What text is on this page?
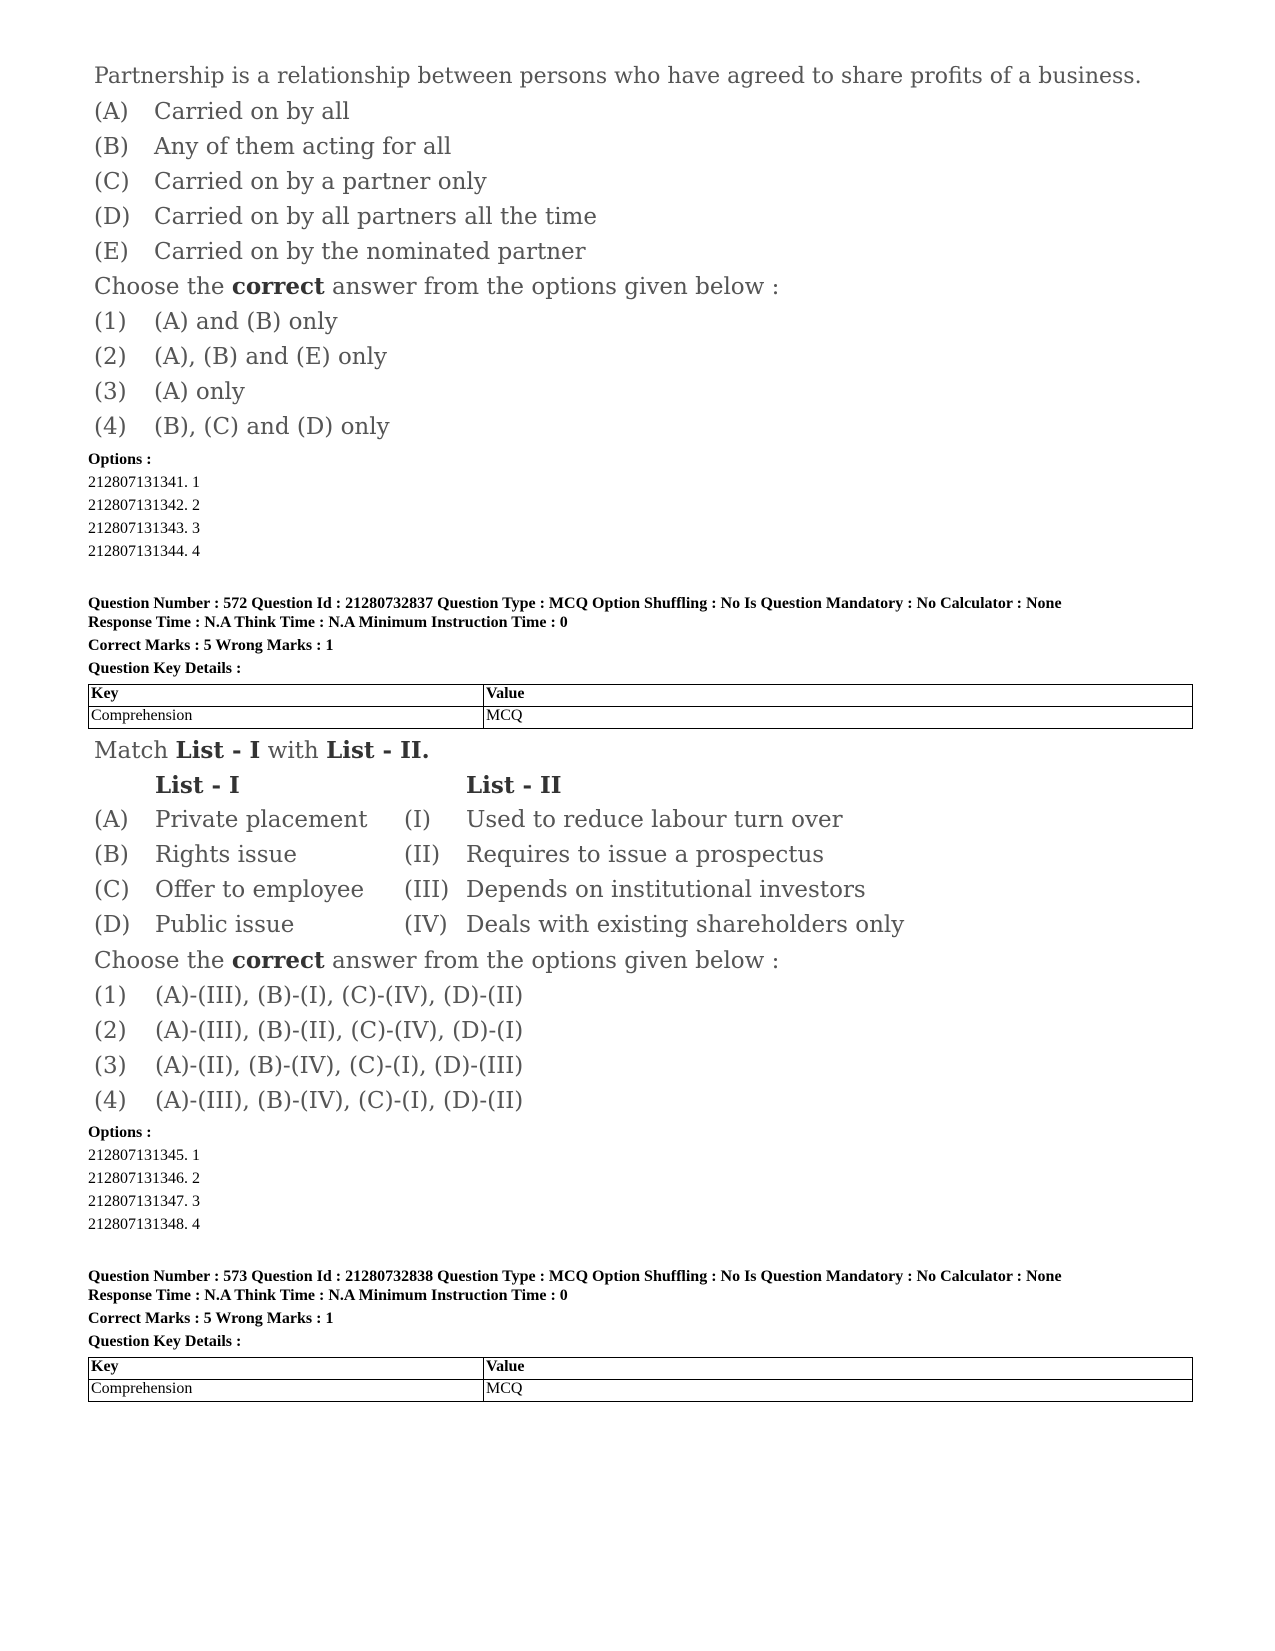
Partnership is a relationship between persons who have agreed to share profits of a business.
(A) Carried on by all
(B) Any of them acting for all
(C) Carried on by a partner only
(D) Carried on by all partners all the time
(E) Carried on by the nominated partner
Choose the correct answer from the options given below :
(1) (A) and (B) only
(2) (A), (B) and (E) only
(3) (A) only
(4) (B), (C) and (D) only
Options :
212807131341. 1
212807131342. 2
212807131343. 3
212807131344. 4
Question Number : 572 Question Id : 21280732837 Question Type : MCQ Option Shuffling : No Is Question Mandatory : No Calculator : None
Response Time : N.A Think Time : N.A Minimum Instruction Time : 0
Correct Marks : 5 Wrong Marks : 1
Question Key Details :
Key	Value
Comprehension	MCQ
Match List - I with List - II.
List - I	List - II
(A) Private placement (I) Used to reduce labour turn over
(B) Rights issue	(II) Requires to issue a prospectus
(C) Offer to employee (III) Depends on institutional investors
(D) Public issue	(IV) Deals with existing shareholders only
Choose the correct answer from the options given below :
(1) (A)-(III), (B)-(I), (C)-(IV), (D)-(II)
(2) (A)-(III), (B)-(II), (C)-(IV), (D)-(I)
(3) (A)-(II), (B)-(IV), (C)-(I), (D)-(III)
(4) (A)-(III), (B)-(IV), (C)-(I), (D)-(II)
Options :
212807131345. 1
212807131346. 2
212807131347. 3
212807131348. 4
Question Number : 573 Question Id : 21280732838 Question Type : MCQ Option Shuffling : No Is Question Mandatory : No Calculator : None
Response Time : N.A Think Time : N.A Minimum Instruction Time : 0
Correct Marks : 5 Wrong Marks : 1
Question Key Details :
Key	Value
Comprehension	MCQ
